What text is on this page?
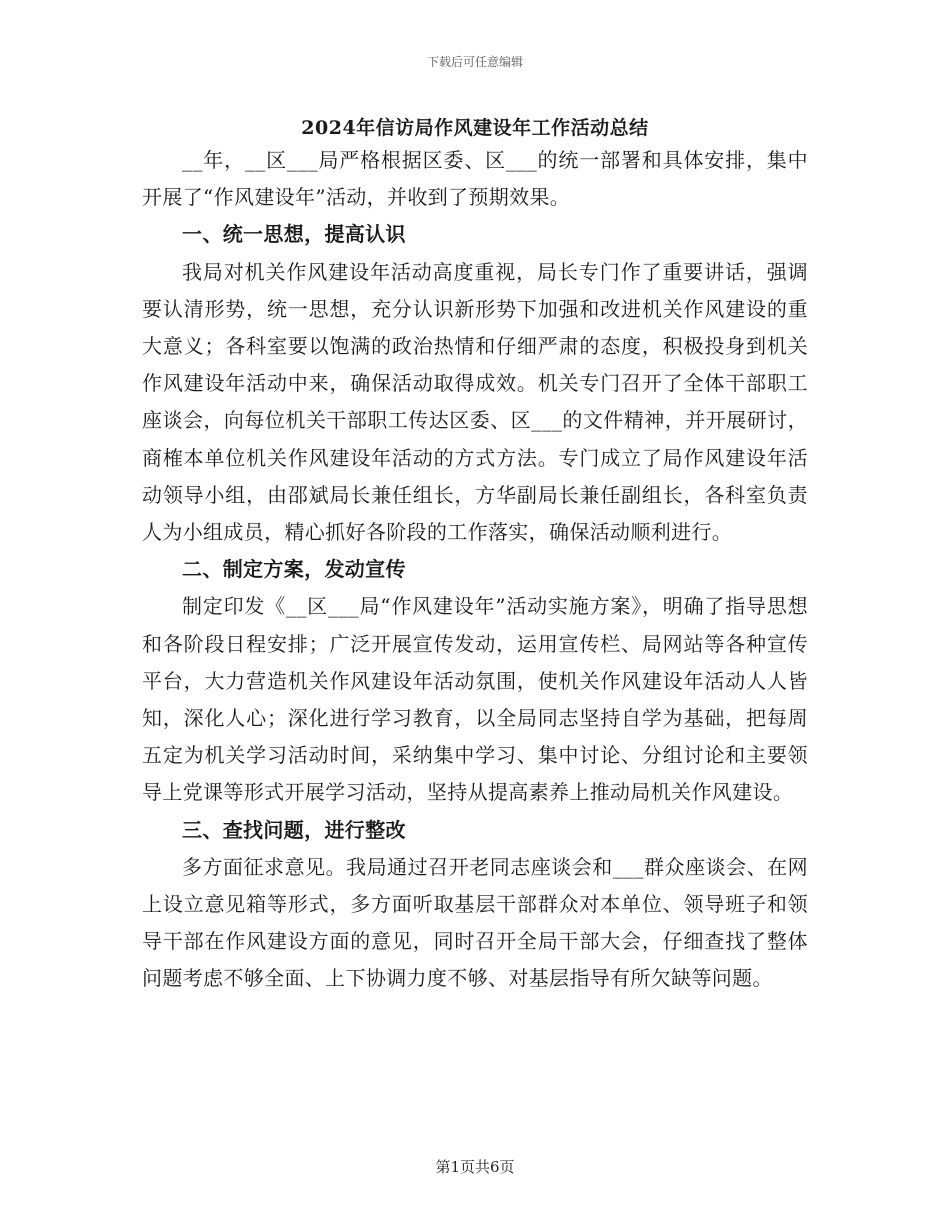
下载后可任意编辑
2024年信访局作风建设年工作活动总结

__年，__区___局严格根据区委、区___的统一部署和具体安排，集中开展了“作风建设年”活动，并收到了预期效果。

一、统一思想，提高认识

我局对机关作风建设年活动高度重视，局长专门作了重要讲话，强调要认清形势，统一思想，充分认识新形势下加强和改进机关作风建设的重大意义；各科室要以饱满的政治热情和仔细严肃的态度，积极投身到机关作风建设年活动中来，确保活动取得成效。机关专门召开了全体干部职工座谈会，向每位机关干部职工传达区委、区___的文件精神，并开展研讨，商榷本单位机关作风建设年活动的方式方法。专门成立了局作风建设年活动领导小组，由邵斌局长兼任组长，方华副局长兼任副组长，各科室负责人为小组成员，精心抓好各阶段的工作落实，确保活动顺利进行。

二、制定方案，发动宣传

制定印发《__区___局“作风建设年”活动实施方案》，明确了指导思想和各阶段日程安排；广泛开展宣传发动，运用宣传栏、局网站等各种宣传平台，大力营造机关作风建设年活动氛围，使机关作风建设年活动人人皆知，深化人心；深化进行学习教育，以全局同志坚持自学为基础，把每周五定为机关学习活动时间，采纳集中学习、集中讨论、分组讨论和主要领导上党课等形式开展学习活动，坚持从提高素养上推动局机关作风建设。

三、查找问题，进行整改

多方面征求意见。我局通过召开老同志座谈会和___群众座谈会、在网上设立意见箱等形式，多方面听取基层干部群众对本单位、领导班子和领导干部在作风建设方面的意见，同时召开全局干部大会，仔细查找了整体问题考虑不够全面、上下协调力度不够、对基层指导有所欠缺等问题。

第1页共6页
